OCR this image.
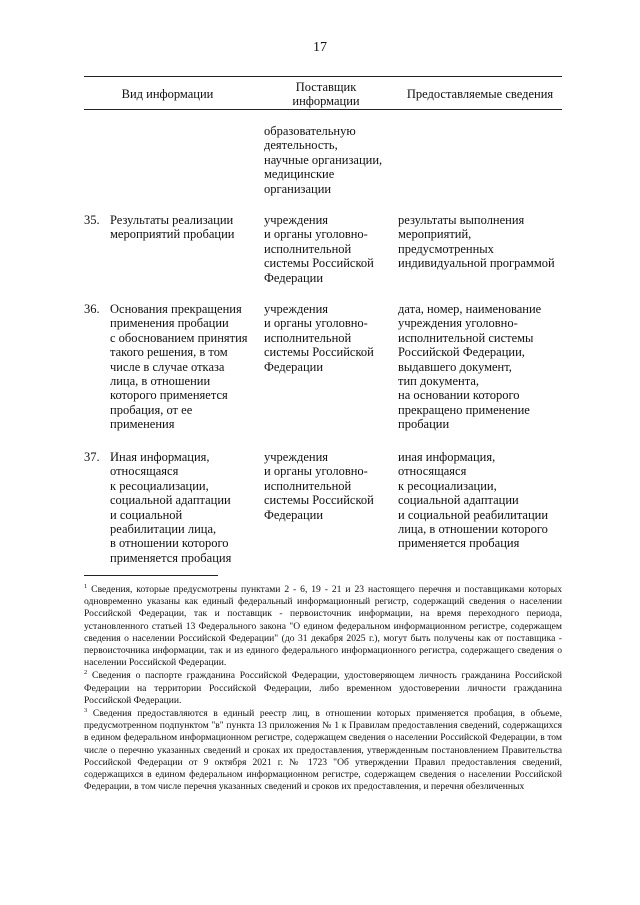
17
Вид информации	Поставщик
информации	Предоставляемые сведения
образовательную
деятельность,
научные организации,
медицинские
организации
35. Результаты реализации
мероприятий пробации
учреждения
и органы уголовно-
исполнительной
системы Российской
Федерации
результаты выполнения
мероприятий,
предусмотренных
индивидуальной программой
36. Основания прекращения
применения пробации
с обоснованием принятия
такого решения, в том
числе в случае отказа
лица, в отношении
которого применяется
пробация, от ее
применения
учреждения
и органы уголовно-
исполнительной
системы Российской
Федерации
дата, номер, наименование
учреждения уголовно-
исполнительной системы
Российской Федерации,
выдавшего документ,
тип документа,
на основании которого
прекращено применение
пробации
37. Иная информация,
относящаяся
к ресоциализации,
социальной адаптации
и социальной
реабилитации лица,
в отношении которого
применяется пробация
учреждения
и органы уголовно-
исполнительной
системы Российской
Федерации
иная информация,
относящаяся
к ресоциализации,
социальной адаптации
и социальной реабилитации
лица, в отношении которого
применяется пробация

$^1$ Сведения, которые предусмотрены пунктами 2 - 6, 19 - 21 и 23 настоящего перечня и поставщиками которых одновременно указаны как единый федеральный информационный регистр, содержащий сведения о населении Российской Федерации, так и поставщик - первоисточник информации, на время переходного периода, установленного статьей 13 Федерального закона "О едином федеральном информационном регистре, содержащем сведения о населении Российской Федерации" (до 31 декабря 2025 г.), могут быть получены как от поставщика - первоисточника информации, так и из единого федерального информационного регистра, содержащего сведения о населении Российской Федерации.

$^2$ Сведения о паспорте гражданина Российской Федерации, удостоверяющем личность гражданина Российской Федерации на территории Российской Федерации, либо временном удостоверении личности гражданина Российской Федерации.

$^3$ Сведения предоставляются в единый реестр лиц, в отношении которых применяется пробация, в объеме, предусмотренном подпунктом "в" пункта 13 приложения № 1 к Правилам предоставления сведений, содержащихся в едином федеральном информационном регистре, содержащем сведения о населении Российской Федерации, в том числе о перечню указанных сведений и сроках их предоставления, утвержденным постановлением Правительства Российской Федерации от 9 октября 2021 г. № 1723 "Об утверждении Правил предоставления сведений, содержащихся в едином федеральном информационном регистре, содержащем сведения о населении Российской Федерации, в том числе перечня указанных сведений и сроков их предоставления, и перечня обезличенных
